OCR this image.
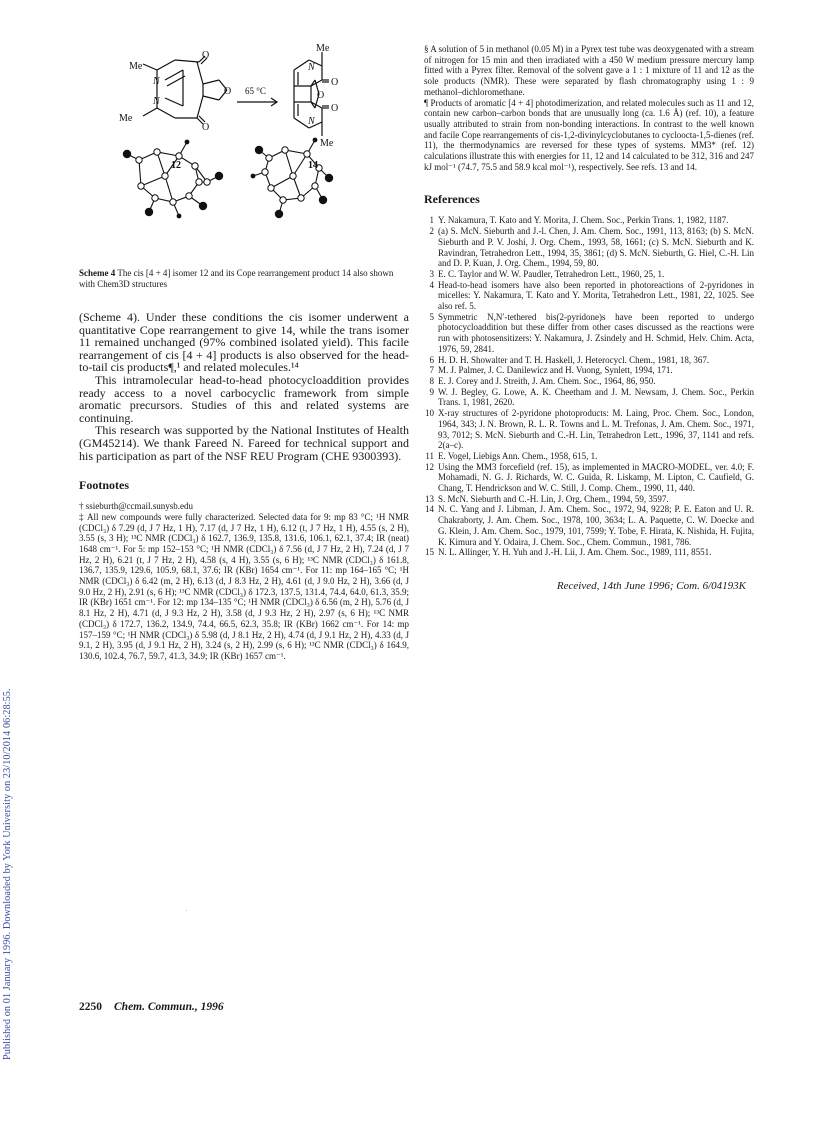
Published on 01 January 1996. Downloaded by York University on 23/10/2014 06:28:55.
Me
N
N
Me
O
O
O 65 °C
Me
N
N
Me
O
O
O
12	14
Scheme 4 The cis [4 + 4] isomer 12 and its Cope rearrangement product 14 also shown with Chem3D structures

(Scheme 4). Under these conditions the cis isomer underwent a quantitative Cope rearrangement to give 14, while the trans isomer 11 remained unchanged (97% combined isolated yield). This facile rearrangement of cis [4 + 4] products is also observed for the head-to-tail cis products¶,¹ and related molecules.¹⁴

This intramolecular head-to-head photocycloaddition provides ready access to a novel carbocyclic framework from simple aromatic precursors. Studies of this and related systems are continuing.

This research was supported by the National Institutes of Health (GM45214). We thank Fareed N. Fareed for technical support and his participation as part of the NSF REU Program (CHE 9300393).

Footnotes

† ssieburth@ccmail.sunysb.edu

‡ All new compounds were fully characterized. Selected data for 9: mp 83 °C; ¹H NMR (CDCl₃) δ 7.29 (d, J 7 Hz, 1 H), 7.17 (d, J 7 Hz, 1 H), 6.12 (t, J 7 Hz, 1 H), 4.55 (s, 2 H), 3.55 (s, 3 H); ¹³C NMR (CDCl₃) δ 162.7, 136.9, 135.8, 131.6, 106.1, 62.1, 37.4; IR (neat) 1648 cm⁻¹. For 5: mp 152–153 °C; ¹H NMR (CDCl₃) δ 7.56 (d, J 7 Hz, 2 H), 7.24 (d, J 7 Hz, 2 H), 6.21 (t, J 7 Hz, 2 H), 4.58 (s, 4 H), 3.55 (s, 6 H); ¹³C NMR (CDCl₃) δ 161.8, 136.7, 135.9, 129.6, 105.9, 68.1, 37.6; IR (KBr) 1654 cm⁻¹. For 11: mp 164–165 °C; ¹H NMR (CDCl₃) δ 6.42 (m, 2 H), 6.13 (d, J 8.3 Hz, 2 H), 4.61 (d, J 9.0 Hz, 2 H), 3.66 (d, J 9.0 Hz, 2 H), 2.91 (s, 6 H); ¹³C NMR (CDCl₃) δ 172.3, 137.5, 131.4, 74.4, 64.0, 61.3, 35.9; IR (KBr) 1651 cm⁻¹. For 12: mp 134–135 °C; ¹H NMR (CDCl₃) δ 6.56 (m, 2 H), 5.76 (d, J 8.1 Hz, 2 H), 4.71 (d, J 9.3 Hz, 2 H), 3.58 (d, J 9.3 Hz, 2 H), 2.97 (s, 6 H); ¹³C NMR (CDCl₃) δ 172.7, 136.2, 134.9, 74.4, 66.5, 62.3, 35.8; IR (KBr) 1662 cm⁻¹. For 14: mp 157–159 °C; ¹H NMR (CDCl₃) δ 5.98 (d, J 8.1 Hz, 2 H), 4.74 (d, J 9.1 Hz, 2 H), 4.33 (d, J 9.1, 2 H), 3.95 (d, J 9.1 Hz, 2 H), 3.24 (s, 2 H), 2.99 (s, 6 H); ¹³C NMR (CDCl₃) δ 164.9, 130.6, 102.4, 76.7, 59.7, 41.3, 34.9; IR (KBr) 1657 cm⁻¹.

§ A solution of 5 in methanol (0.05 M) in a Pyrex test tube was deoxygenated with a stream of nitrogen for 15 min and then irradiated with a 450 W medium pressure mercury lamp fitted with a Pyrex filter. Removal of the solvent gave a 1 : 1 mixture of 11 and 12 as the sole products (NMR). These were separated by flash chromatography using 1 : 9 methanol–dichloromethane.

¶ Products of aromatic [4 + 4] photodimerization, and related molecules such as 11 and 12, contain new carbon–carbon bonds that are unusually long (ca. 1.6 Å) (ref. 10), a feature usually attributed to strain from non-bonding interactions. In contrast to the well known and facile Cope rearrangements of cis-1,2-divinylcyclobutanes to cycloocta-1,5-dienes (ref. 11), the thermodynamics are reversed for these types of systems. MM3* (ref. 12) calculations illustrate this with energies for 11, 12 and 14 calculated to be 312, 316 and 247 kJ mol⁻¹ (74.7, 75.5 and 58.9 kcal mol⁻¹), respectively. See refs. 13 and 14.

References
1 Y. Nakamura, T. Kato and Y. Morita, J. Chem. Soc., Perkin Trans. 1, 1982, 1187.
2 (a) S. McN. Sieburth and J.-l. Chen, J. Am. Chem. Soc., 1991, 113, 8163; (b) S. McN. Sieburth and P. V. Joshi, J. Org. Chem., 1993, 58, 1661; (c) S. McN. Sieburth and K. Ravindran, Tetrahedron Lett., 1994, 35, 3861; (d) S. McN. Sieburth, G. Hiel, C.-H. Lin and D. P. Kuan, J. Org. Chem., 1994, 59, 80.
3 E. C. Taylor and W. W. Paudler, Tetrahedron Lett., 1960, 25, 1.
4 Head-to-head isomers have also been reported in photoreactions of 2-pyridones in micelles: Y. Nakamura, T. Kato and Y. Morita, Tetrahedron Lett., 1981, 22, 1025. See also ref. 5.
5 Symmetric N,N′-tethered bis(2-pyridone)s have been reported to undergo photocycloaddition but these differ from other cases discussed as the reactions were run with photosensitizers: Y. Nakamura, J. Zsindely and H. Schmid, Helv. Chim. Acta, 1976, 59, 2841.
6 H. D. H. Showalter and T. H. Haskell, J. Heterocycl. Chem., 1981, 18, 367.
7 M. J. Palmer, J. C. Danilewicz and H. Vuong, Synlett, 1994, 171.
8 E. J. Corey and J. Streith, J. Am. Chem. Soc., 1964, 86, 950.
9 W. J. Begley, G. Lowe, A. K. Cheetham and J. M. Newsam, J. Chem. Soc., Perkin Trans. 1, 1981, 2620.
10 X-ray structures of 2-pyridone photoproducts: M. Laing, Proc. Chem. Soc., London, 1964, 343; J. N. Brown, R. L. R. Towns and L. M. Trefonas, J. Am. Chem. Soc., 1971, 93, 7012; S. McN. Sieburth and C.-H. Lin, Tetrahedron Lett., 1996, 37, 1141 and refs. 2(a–c).
11 E. Vogel, Liebigs Ann. Chem., 1958, 615, 1.
12 Using the MM3 forcefield (ref. 15), as implemented in MACRO-MODEL, ver. 4.0; F. Mohamadi, N. G. J. Richards, W. C. Guida, R. Liskamp, M. Lipton, C. Caufield, G. Chang, T. Hendrickson and W. C. Still, J. Comp. Chem., 1990, 11, 440.
13 S. McN. Sieburth and C.-H. Lin, J. Org. Chem., 1994, 59, 3597.
14 N. C. Yang and J. Libman, J. Am. Chem. Soc., 1972, 94, 9228; P. E. Eaton and U. R. Chakraborty, J. Am. Chem. Soc., 1978, 100, 3634; L. A. Paquette, C. W. Doecke and G. Klein, J. Am. Chem. Soc., 1979, 101, 7599; Y. Tobe, F. Hirata, K. Nishida, H. Fujita, K. Kimura and Y. Odaira, J. Chem. Soc., Chem. Commun., 1981, 786.
15 N. L. Allinger, Y. H. Yuh and J.-H. Lii, J. Am. Chem. Soc., 1989, 111, 8551.
Received, 14th June 1996; Com. 6/04193K
2250 Chem. Commun., 1996
